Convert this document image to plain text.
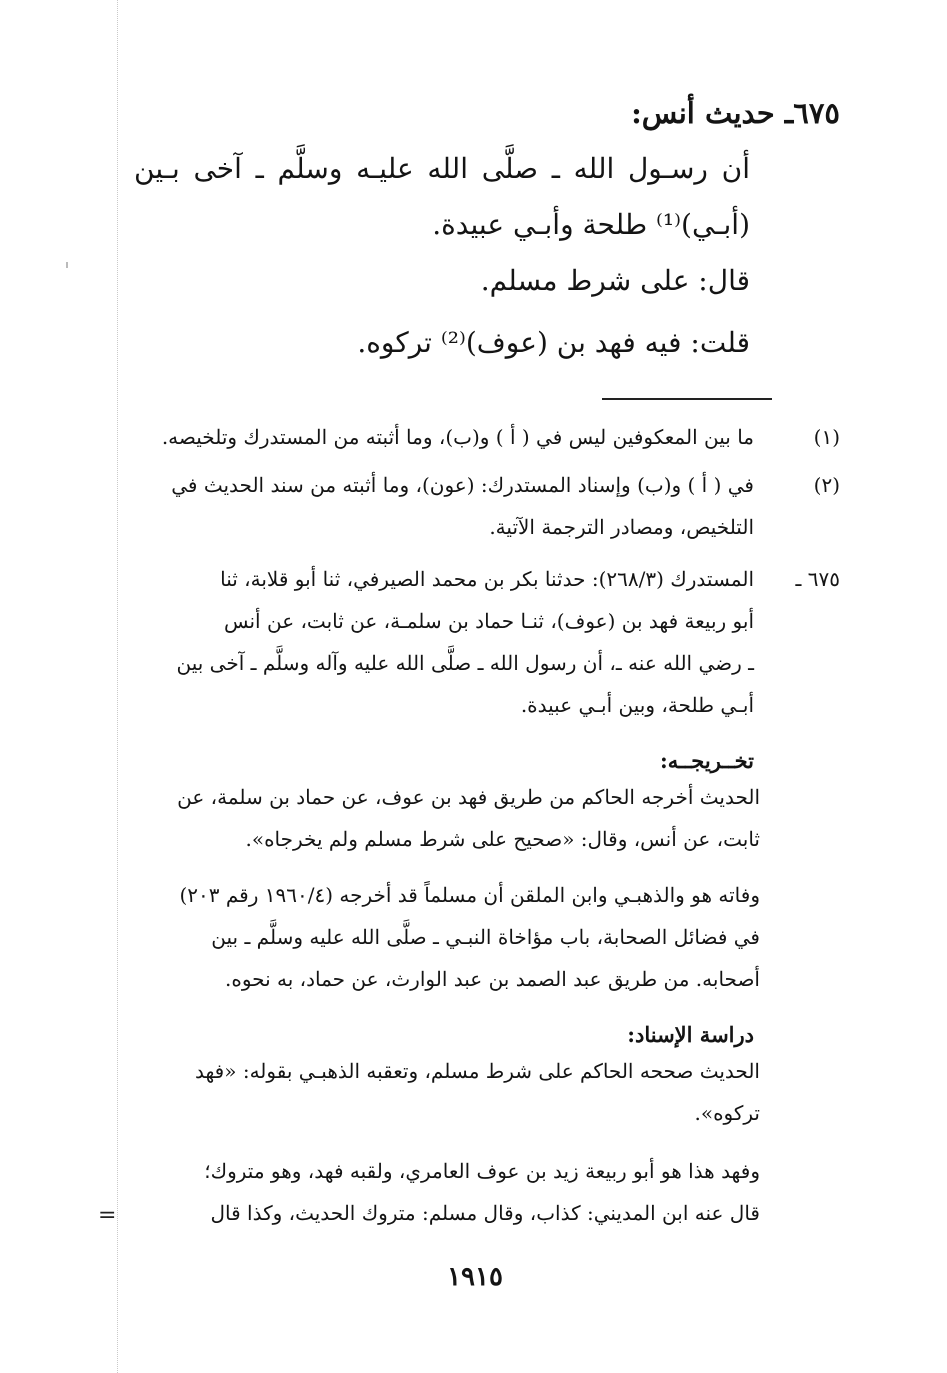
٦٧٥ـ حديث أنس:
أن رسـول الله ـ صلَّى الله عليـه وسلَّم ـ آخى بـين
(أبـي)⁽¹⁾ طلحة وأبـي عبيدة.
قال: على شرط مسلم.
قلت: فيه فهد بن (عوف)⁽²⁾ تركوه.
(١)
ما بين المعكوفين ليس في ( أ ) و(ب)، وما أثبته من المستدرك وتلخيصه.
(٢)
في ( أ ) و(ب) وإسناد المستدرك: (عون)، وما أثبته من سند الحديث في
التلخيص، ومصادر الترجمة الآتية.
٦٧٥ ـ
المستدرك (٢٦٨/٣): حدثنا بكر بن محمد الصيرفي، ثنا أبو قلابة، ثنا
أبو ربيعة فهد بن (عوف)، ثنـا حماد بن سلمـة، عن ثابت، عن أنس
ـ رضي الله عنه ـ، أن رسول الله ـ صلَّى الله عليه وآله وسلَّم ـ آخى بين
أبـي طلحة، وبين أبـي عبيدة.
تخــريجــه:
الحديث أخرجه الحاكم من طريق فهد بن عوف، عن حماد بن سلمة، عن
ثابت، عن أنس، وقال: «صحيح على شرط مسلم ولم يخرجاه».
وفاته هو والذهبـي وابن الملقن أن مسلماً قد أخرجه (١٩٦٠/٤ رقم ٢٠٣)
في فضائل الصحابة، باب مؤاخاة النبـي ـ صلَّى الله عليه وسلَّم ـ بين
أصحابه. من طريق عبد الصمد بن عبد الوارث، عن حماد، به نحوه.
دراسة الإسناد:
الحديث صححه الحاكم على شرط مسلم، وتعقبه الذهبـي بقوله: «فهد
تركوه».
وفهد هذا هو أبو ربيعة زيد بن عوف العامري، ولقبه فهد، وهو متروك؛
قال عنه ابن المديني: كذاب، وقال مسلم: متروك الحديث، وكذا قال
=
١٩١٥
